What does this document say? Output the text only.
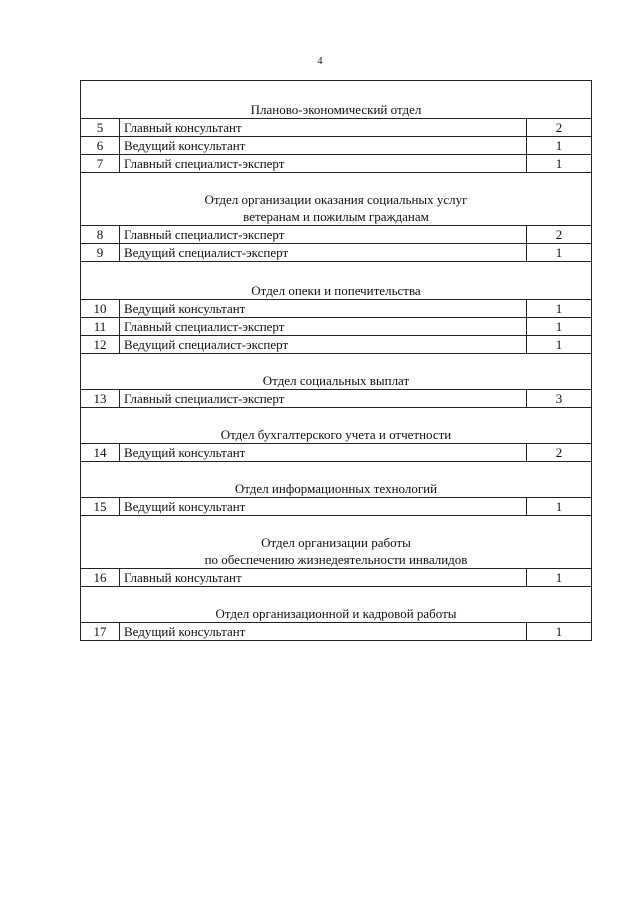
4
Планово-экономический отдел		

5	Главный консультант	2
6	Ведущий консультант	1
7	Главный специалист-эксперт	1

Отдел организации оказания социальных услуг
ветеранам и пожилым гражданам		

8	Главный специалист-эксперт	2
9	Ведущий специалист-эксперт	1

Отдел опеки и попечительства		

10	Ведущий консультант	1
11	Главный специалист-эксперт	1
12	Ведущий специалист-эксперт	1

Отдел социальных выплат		

13	Главный специалист-эксперт	3

Отдел бухгалтерского учета и отчетности		

14	Ведущий консультант	2

Отдел информационных технологий		

15	Ведущий консультант	1

Отдел организации работы
по обеспечению жизнедеятельности инвалидов		

16	Главный консультант	1

Отдел организационной и кадровой работы		

17	Ведущий консультант	1
